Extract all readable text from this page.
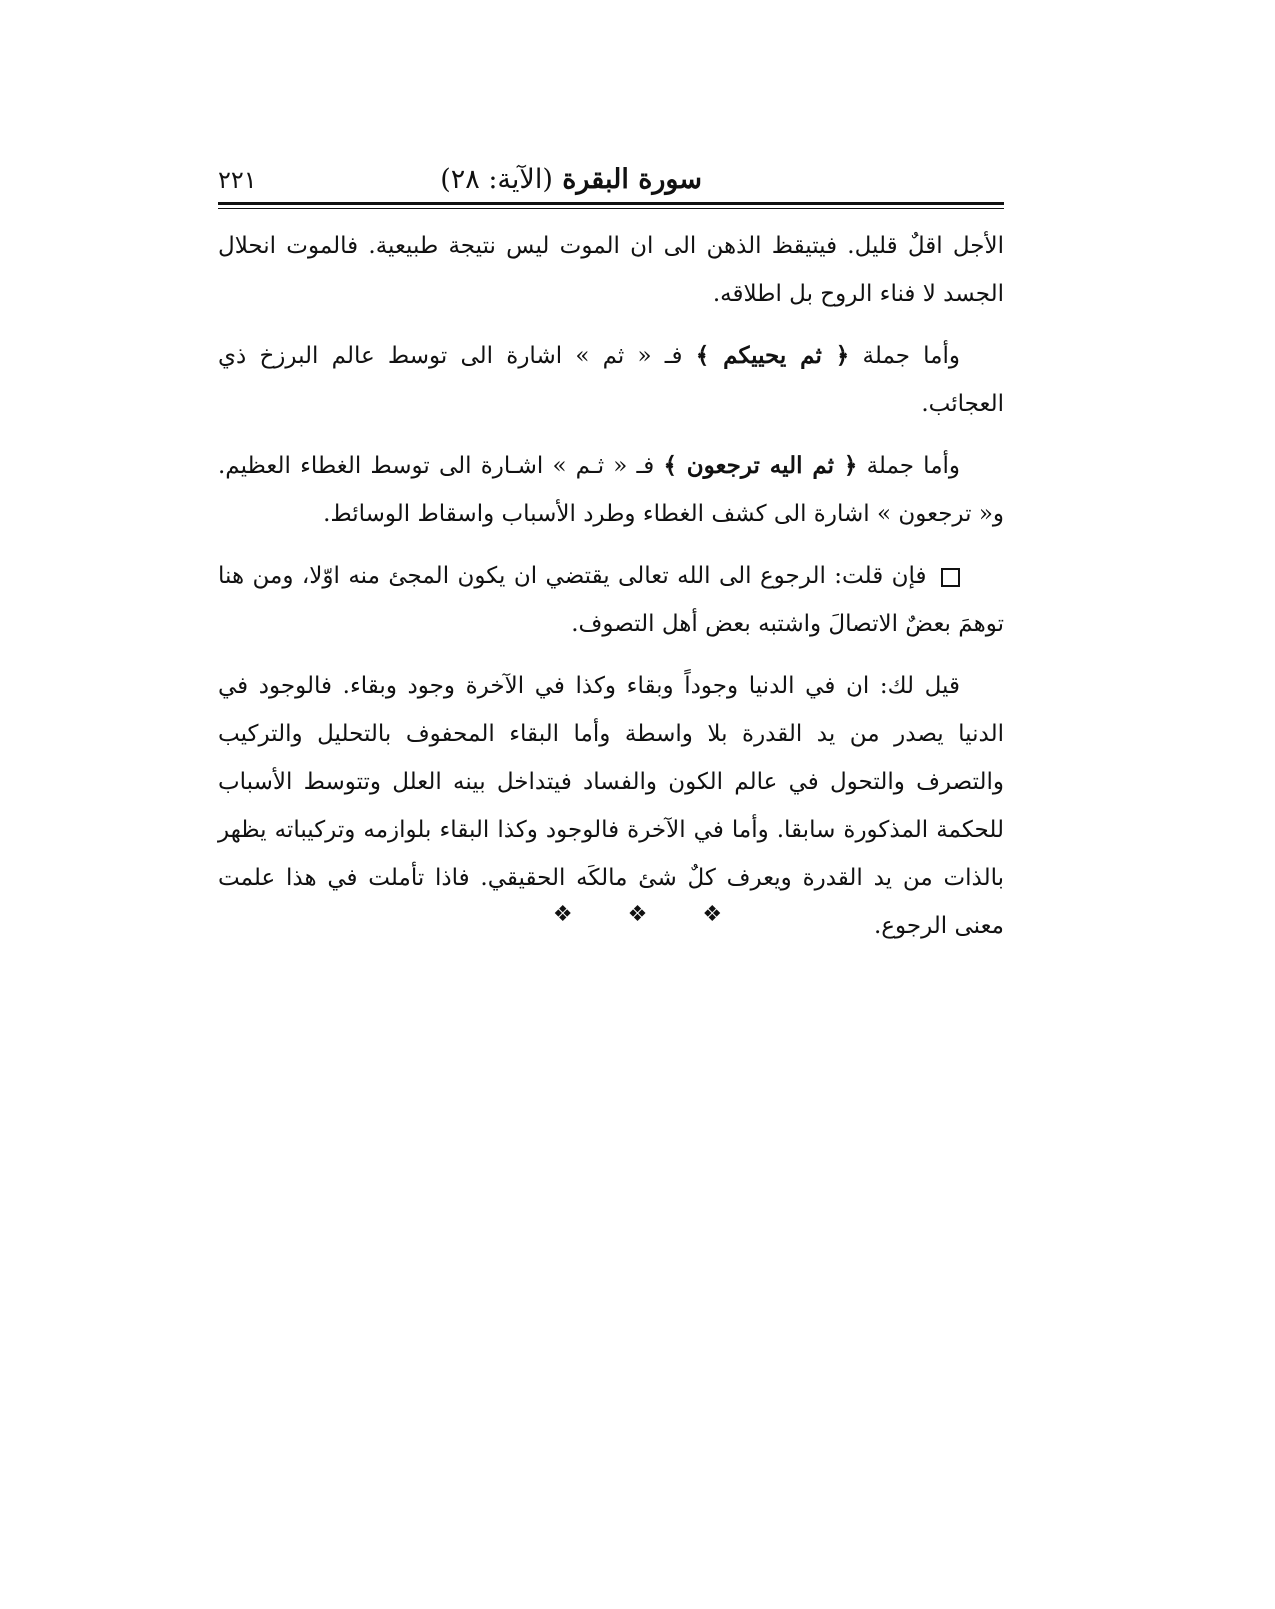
سورة البقرة (الآية: ٢٨)
٢٢١

الأجل اقلٌ قليل. فيتيقظ الذهن الى ان الموت ليس نتيجة طبيعية. فالموت انحلال الجسد لا فناء الروح بل اطلاقه.

وأما جملة ﴿ ثم يحييكم ﴾ فـ « ثم » اشارة الى توسط عالم البرزخ ذي العجائب.

وأما جملة ﴿ ثم اليه ترجعون ﴾ فـ « ثـم » اشـارة الى توسط الغطاء العظيم. و« ترجعون » اشارة الى كشف الغطاء وطرد الأسباب واسقاط الوسائط.

فإن قلت: الرجوع الى الله تعالى يقتضي ان يكون المجئ منه اوّلا، ومن هنا توهمَ بعضٌ الاتصالَ واشتبه بعض أهل التصوف.

قيل لك: ان في الدنيا وجوداً وبقاء وكذا في الآخرة وجود وبقاء. فالوجود في الدنيا يصدر من يد القدرة بلا واسطة وأما البقاء المحفوف بالتحليل والتركيب والتصرف والتحول في عالم الكون والفساد فيتداخل بينه العلل وتتوسط الأسباب للحكمة المذكورة سابقا. وأما في الآخرة فالوجود وكذا البقاء بلوازمه وتركيباته يظهر بالذات من يد القدرة ويعرف كلٌ شئ مالكَه الحقيقي. فاذا تأملت في هذا علمت معنى الرجوع.

❖	❖	❖
